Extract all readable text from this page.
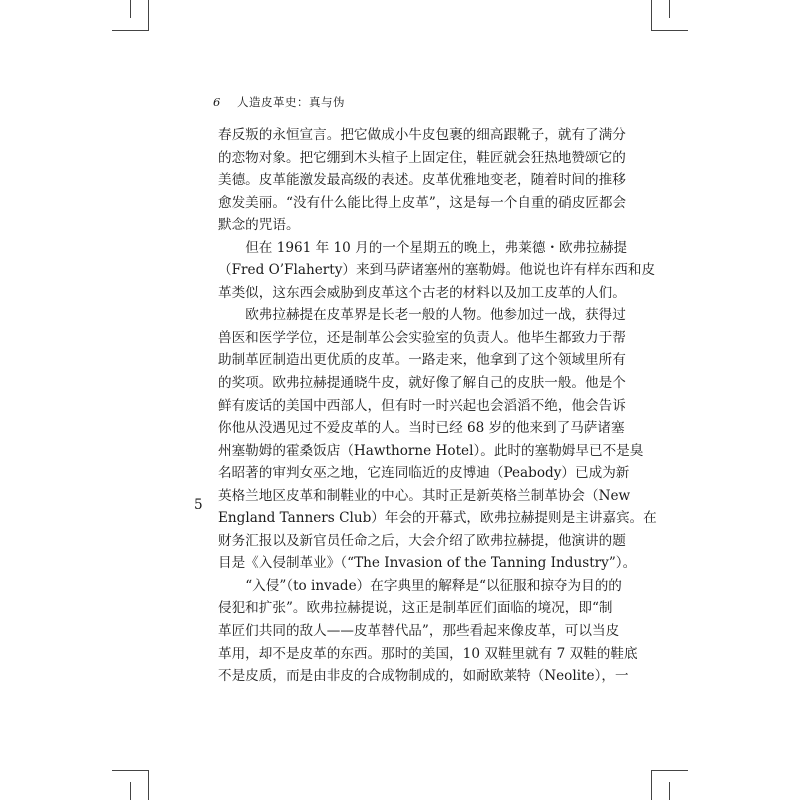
6 人造皮革史：真与伪
5

春反叛的永恒宣言。把它做成小牛皮包裹的细高跟靴子，就有了满分
的恋物对象。把它绷到木头楦子上固定住，鞋匠就会狂热地赞颂它的
美德。皮革能激发最高级的表述。皮革优雅地变老，随着时间的推移
愈发美丽。“没有什么能比得上皮革”，这是每一个自重的硝皮匠都会
默念的咒语。

但在 1961 年 10 月的一个星期五的晚上，弗莱德・欧弗拉赫提
（Fred O’Flaherty）来到马萨诸塞州的塞勒姆。他说也许有样东西和皮
革类似，这东西会威胁到皮革这个古老的材料以及加工皮革的人们。

欧弗拉赫提在皮革界是长老一般的人物。他参加过一战，获得过
兽医和医学学位，还是制革公会实验室的负责人。他毕生都致力于帮
助制革匠制造出更优质的皮革。一路走来，他拿到了这个领域里所有
的奖项。欧弗拉赫提通晓牛皮，就好像了解自己的皮肤一般。他是个
鲜有废话的美国中西部人，但有时一时兴起也会滔滔不绝，他会告诉
你他从没遇见过不爱皮革的人。当时已经 68 岁的他来到了马萨诸塞
州塞勒姆的霍桑饭店（Hawthorne Hotel）。此时的塞勒姆早已不是臭
名昭著的审判女巫之地，它连同临近的皮博迪（Peabody）已成为新
英格兰地区皮革和制鞋业的中心。其时正是新英格兰制革协会（New
England Tanners Club）年会的开幕式，欧弗拉赫提则是主讲嘉宾。在
财务汇报以及新官员任命之后，大会介绍了欧弗拉赫提，他演讲的题
目是《入侵制革业》（“The Invasion of the Tanning Industry”）。

“入侵”（to invade）在字典里的解释是“以征服和掠夺为目的的
侵犯和扩张”。欧弗拉赫提说，这正是制革匠们面临的境况，即“制
革匠们共同的敌人——皮革替代品”，那些看起来像皮革，可以当皮
革用，却不是皮革的东西。那时的美国，10 双鞋里就有 7 双鞋的鞋底
不是皮质，而是由非皮的合成物制成的，如耐欧莱特（Neolite），一
